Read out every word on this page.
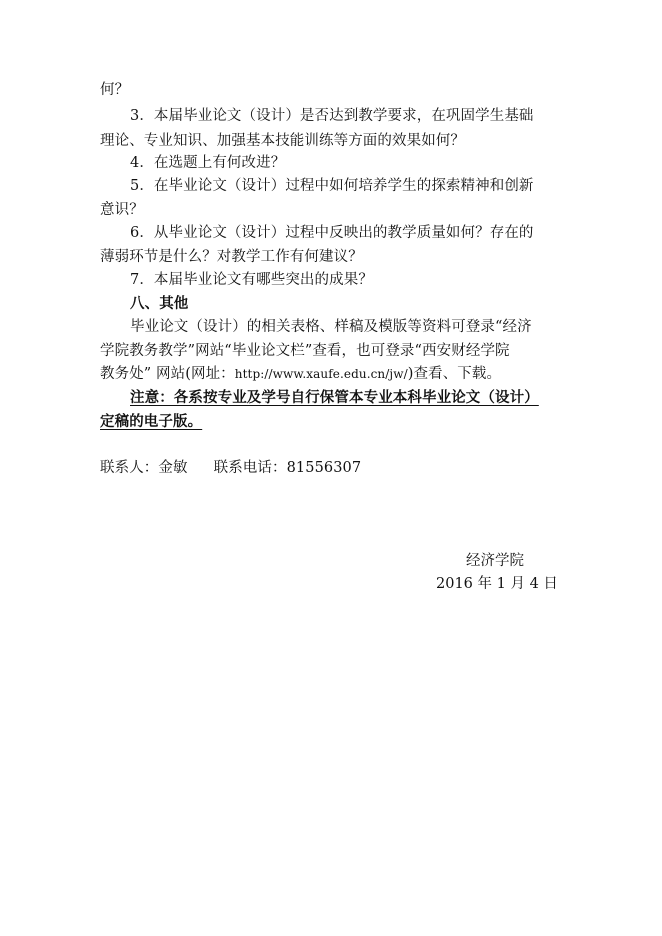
何？
3．本届毕业论文（设计）是否达到教学要求，在巩固学生基础
理论、专业知识、加强基本技能训练等方面的效果如何？
4．在选题上有何改进？
5．在毕业论文（设计）过程中如何培养学生的探索精神和创新
意识？
6．从毕业论文（设计）过程中反映出的教学质量如何？存在的
薄弱环节是什么？对教学工作有何建议？
7．本届毕业论文有哪些突出的成果？
八、其他
毕业论文（设计）的相关表格、样稿及模版等资料可登录“经济
学院教务教学”网站“毕业论文栏”查看，也可登录“西安财经学院
教务处” 网站(网址：http://www.xaufe.edu.cn/jw/)查看、下载。
注意：各系按专业及学号自行保管本专业本科毕业论文（设计）
定稿的电子版。
联系人：金敏 联系电话：81556307
经济学院
2016 年 1 月 4 日
